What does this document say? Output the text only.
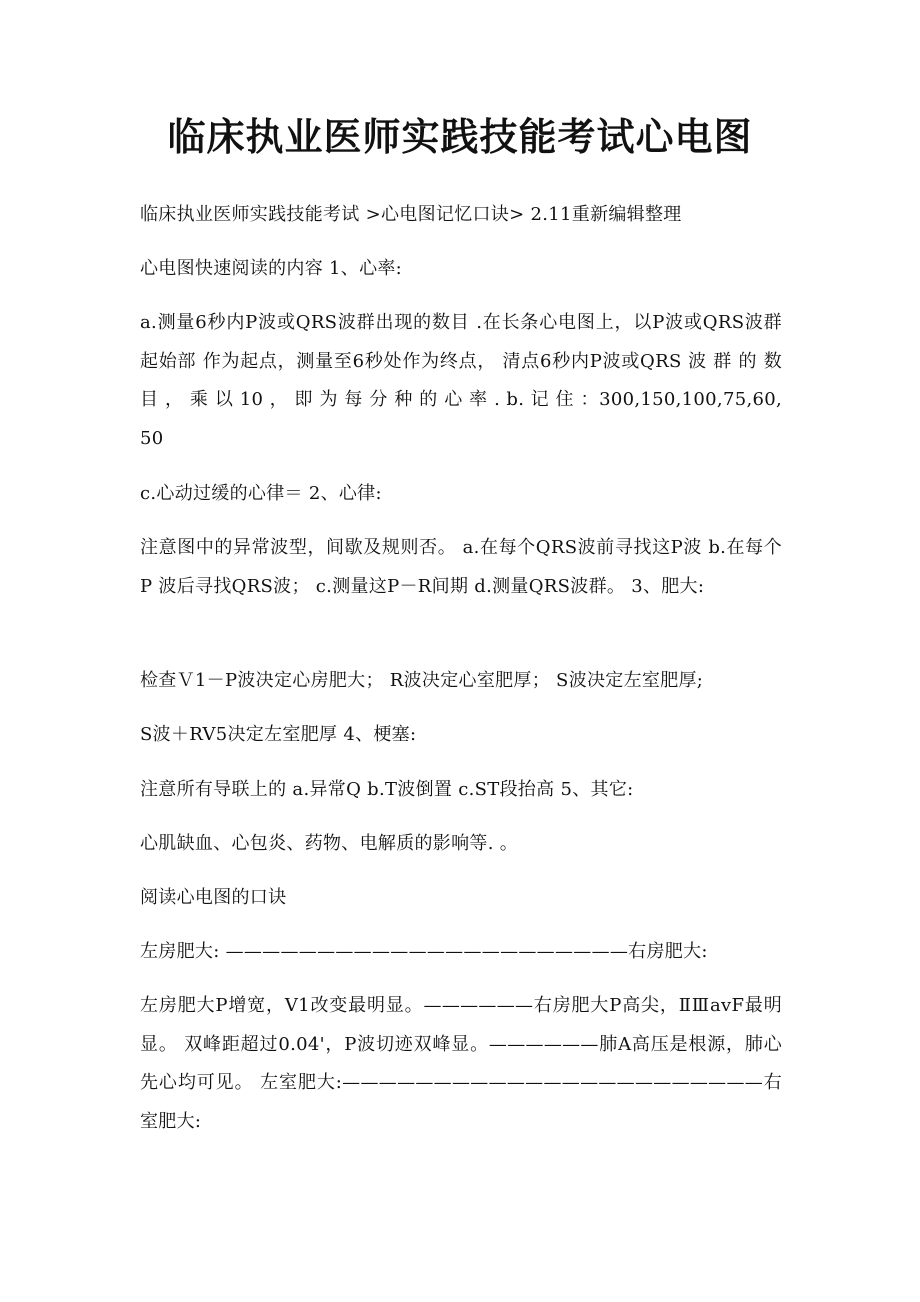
临床执业医师实践技能考试心电图
临床执业医师实践技能考试 >心电图记忆口诀> 2.11重新编辑整理
心电图快速阅读的内容 1、心率:
a.测量6秒内P波或QRS波群出现的数目 .在长条心电图上，以P波或QRS波群起始部 作为起点，测量至6秒处作为终点， 清点6秒内P波或QRS 波 群 的 数 目 ， 乘 以 10 ， 即 为 每 分 种 的 心 率 . b. 记 住 ：300,150,100,75,60,50
c.心动过缓的心律＝ 2、心律:
注意图中的异常波型，间歇及规则否。 a.在每个QRS波前寻找这P波 b.在每个P 波后寻找QRS波； c.测量这P－R间期 d.测量QRS波群。 3、肥大:
检查Ｖ1－P波决定心房肥大； R波决定心室肥厚； S波决定左室肥厚;
S波＋RV5决定左室肥厚 4、梗塞:
注意所有导联上的 a.异常Q b.T波倒置 c.ST段抬高 5、其它:
心肌缺血、心包炎、药物、电解质的影响等. 。
阅读心电图的口诀
左房肥大: ——————————————————————右房肥大:
左房肥大P增宽，V1改变最明显。——————右房肥大P高尖，ⅡⅢavF最明显。 双峰距超过0.04'，P波切迹双峰显。——————肺A高压是根源，肺心先心均可见。 左室肥大:———————————————————————右室肥大:
